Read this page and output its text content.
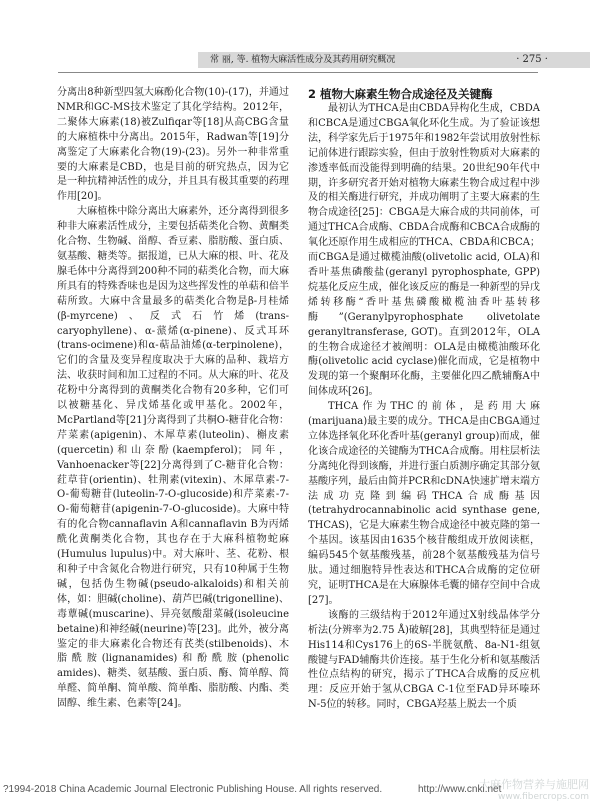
常 丽, 等. 植物大麻活性成分及其药用研究概况	· 275 ·

分离出8种新型四氢大麻酚化合物(10)-(17)，并通过NMR和GC-MS技术鉴定了其化学结构。2012年，二聚体大麻素(18)被Zulfiqar等[18]从高CBG含量的大麻植株中分离出。2015年，Radwan等[19]分离鉴定了大麻素化合物(19)-(23)。另外一种非常重要的大麻素是CBD，也是目前的研究热点，因为它是一种抗精神活性的成分，并且具有极其重要的药理作用[20]。

大麻植株中除分离出大麻素外，还分离得到很多种非大麻素活性成分，主要包括萜类化合物、黄酮类化合物、生物碱、甾醇、香豆素、脂肪酸、蛋白质、氨基酸、糖类等。据报道，已从大麻的根、叶、花及腺毛体中分离得到200种不同的萜类化合物，而大麻所具有的特殊香味也是因为这些挥发性的单萜和倍半萜所致。大麻中含量最多的萜类化合物是β-月桂烯(β-myrcene)、反式石竹烯(trans-caryophyllene)、α-蒎烯(α-pinene)、反式耳环(trans-ocimene)和α-萜品油烯(α-terpinolene)，它们的含量及变异程度取决于大麻的品种、栽培方法、收获时间和加工过程的不同。从大麻的叶、花及花粉中分离得到的黄酮类化合物有20多种，它们可以被糖基化、异戊烯基化或甲基化。2002年，McPartland等[21]分离得到了共桐O-糖苷化合物：芹菜素(apigenin)、木犀草素(luteolin)、槲皮素(quercetin)和山奈酚(kaempferol)；同年，Vanhoenacker等[22]分离得到了C-糖苷化合物：荭草苷(orientin)、牡荆素(vitexin)、木犀草素-7-O-葡萄糖苷(luteolin-7-O-glucoside)和芹菜素-7-O-葡萄糖苷(apigenin-7-O-glucoside)。大麻中特有的化合物cannaflavin A和cannaflavin B为丙烯酰化黄酮类化合物，其也存在于大麻科植物蛇麻(Humulus lupulus)中。对大麻叶、茎、花粉、根和种子中含氮化合物进行研究，只有10种属于生物碱，包括伪生物碱(pseudo-alkaloids)和相关前体，如：胆碱(choline)、葫芦巴碱(trigonelline)、毒蕈碱(muscarine)、异亮氨酸甜菜碱(isoleucine betaine)和神经碱(neurine)等[23]。此外，被分离鉴定的非大麻素化合物还有芪类(stilbenoids)、木脂酰胺(lignanamides)和酚酰胺(phenolic amides)、糖类、氨基酸、蛋白质、酶、简单醇、简单醛、简单酮、简单酸、简单酯、脂肪酸、内酯、类固醇、维生素、色素等[24]。

2 植物大麻素生物合成途径及关键酶

最初认为THCA是由CBDA异构化生成，CBDA和CBCA是通过CBGA氧化环化生成。为了验证该想法，科学家先后于1975年和1982年尝试用放射性标记前体进行跟踪实验，但由于放射性物质对大麻素的渗透率低而没能得到明确的结果。20世纪90年代中期，许多研究者开始对植物大麻素生物合成过程中涉及的相关酶进行研究，并成功阐明了主要大麻素的生物合成途径[25]：CBGA是大麻合成的共同前体，可通过THCA合成酶、CBDA合成酶和CBCA合成酶的氧化还原作用生成相应的THCA、CBDA和CBCA；而CBGA是通过橄榄油酸(olivetolic acid, OLA)和香叶基焦磷酸盐(geranyl pyrophosphate, GPP)烷基化反应生成，催化该反应的酶是一种新型的异戊烯转移酶“香叶基焦磷酸橄榄油香叶基转移酶”(Geranylpyrophosphate olivetolate geranyltransferase, GOT)。直到2012年，OLA的生物合成途径才被阐明：OLA是由橄榄油酸环化酶(olivetolic acid cyclase)催化而成，它是植物中发现的第一个聚酮环化酶，主要催化四乙酰辅酶A中间体成环[26]。

THCA作为THC的前体，是药用大麻(marijuana)最主要的成分。THCA是由CBGA通过立体选择氧化环化香叶基(geranyl group)而成，催化该合成途径的关键酶为THCA合成酶。用柱层析法分离纯化得到该酶，并进行蛋白质测序确定其部分氨基酸序列，最后由简并PCR和cDNA快速扩增末端方法成功克隆到编码THCA合成酶基因(tetrahydrocannabinolic acid synthase gene, THCAS)，它是大麻素生物合成途径中被克隆的第一个基因。该基因由1635个核苷酸组成开放阅读框，编码545个氨基酸残基，前28个氨基酸残基为信号肽。通过细胞特异性表达和THCA合成酶的定位研究，证明THCA是在大麻腺体毛囊的储存空间中合成[27]。

该酶的三级结构于2012年通过X射线晶体学分析法(分辨率为2.75 Å)破解[28]，其典型特征是通过His114和Cys176上的6S-半胱氨酰、8a-N1-组氨酸键与FAD辅酶共价连接。基于生化分析和氨基酸活性位点结构的研究，揭示了THCA合成酶的反应机理：反应开始于氢从CBGA C-1位至FAD异环嗪环N-5位的转移。同时，CBGA羟基上脱去一个质

?1994-2018 China Academic Journal Electronic Publishing House. All rights reserved.	http://www.cnki.net
大麻作物营养与施肥网
www.fibercrops.com
